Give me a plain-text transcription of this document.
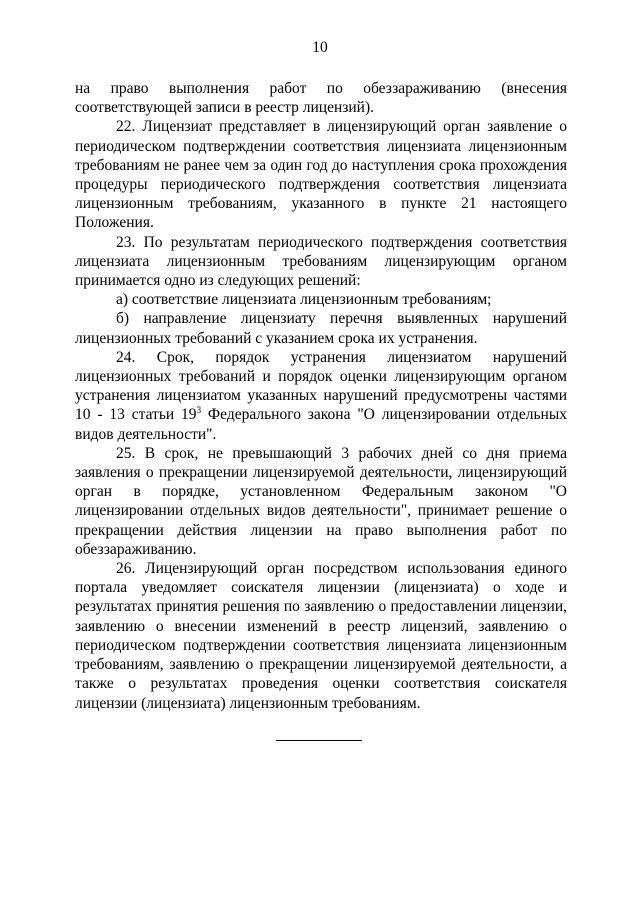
10

на право выполнения работ по обеззараживанию (внесения соответствующей записи в реестр лицензий).

22. Лицензиат представляет в лицензирующий орган заявление о периодическом подтверждении соответствия лицензиата лицензионным требованиям не ранее чем за один год до наступления срока прохождения процедуры периодического подтверждения соответствия лицензиата лицензионным требованиям, указанного в пункте 21 настоящего Положения.

23. По результатам периодического подтверждения соответствия лицензиата лицензионным требованиям лицензирующим органом принимается одно из следующих решений:

а) соответствие лицензиата лицензионным требованиям;

б) направление лицензиату перечня выявленных нарушений лицензионных требований с указанием срока их устранения.

24. Срок, порядок устранения лицензиатом нарушений лицензионных требований и порядок оценки лицензирующим органом устранения лицензиатом указанных нарушений предусмотрены частями 10 - 13 статьи $19^3$ Федерального закона "О лицензировании отдельных видов деятельности".

25. В срок, не превышающий 3 рабочих дней со дня приема заявления о прекращении лицензируемой деятельности, лицензирующий орган в порядке, установленном Федеральным законом "О лицензировании отдельных видов деятельности", принимает решение о прекращении действия лицензии на право выполнения работ по обеззараживанию.

26. Лицензирующий орган посредством использования единого портала уведомляет соискателя лицензии (лицензиата) о ходе и результатах принятия решения по заявлению о предоставлении лицензии, заявлению о внесении изменений в реестр лицензий, заявлению о периодическом подтверждении соответствия лицензиата лицензионным требованиям, заявлению о прекращении лицензируемой деятельности, а также о результатах проведения оценки соответствия соискателя лицензии (лицензиата) лицензионным требованиям.
